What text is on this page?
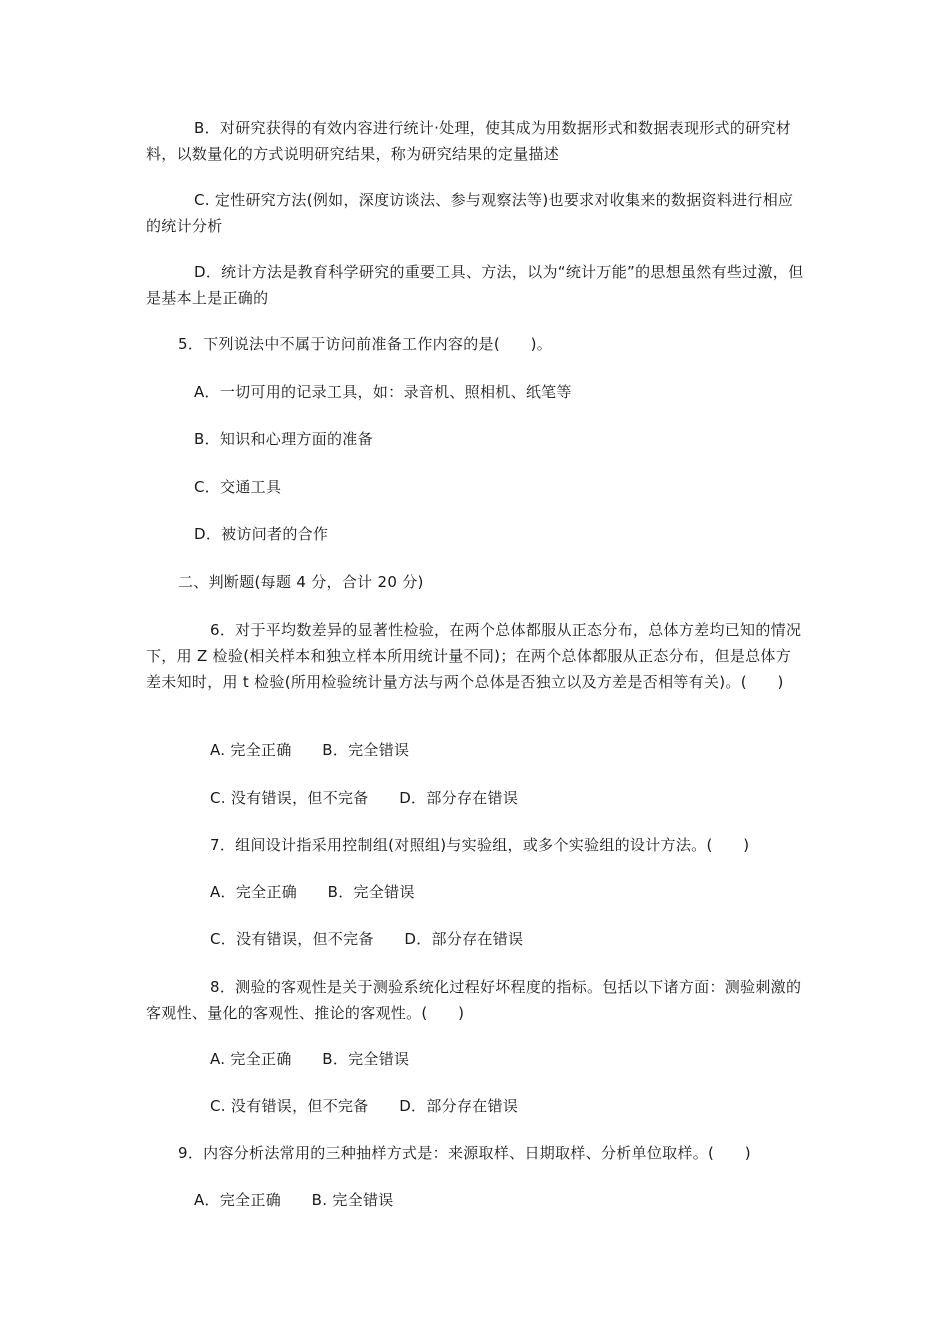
B．对研究获得的有效内容进行统计·处理，使其成为用数据形式和数据表现形式的研究材料，以数量化的方式说明研究结果，称为研究结果的定量描述
C. 定性研究方法(例如，深度访谈法、参与观察法等)也要求对收集来的数据资料进行相应的统计分析
D．统计方法是教育科学研究的重要工具、方法，以为“统计万能”的思想虽然有些过激，但是基本上是正确的
5．下列说法中不属于访问前准备工作内容的是(　　)。
A．一切可用的记录工具，如：录音机、照相机、纸笔等
B．知识和心理方面的准备
C．交通工具
D．被访问者的合作
二、判断题(每题 4 分，合计 20 分)
6．对于平均数差异的显著性检验，在两个总体都服从正态分布，总体方差均已知的情况下，用 Z 检验(相关样本和独立样本所用统计量不同)；在两个总体都服从正态分布，但是总体方差未知时，用 t 检验(所用检验统计量方法与两个总体是否独立以及方差是否相等有关)。(　　)
A. 完全正确　　B．完全错误
C. 没有错误，但不完备　　D．部分存在错误
7．组间设计指采用控制组(对照组)与实验组，或多个实验组的设计方法。(　　)
A．完全正确　　B．完全错误
C．没有错误，但不完备　　D．部分存在错误
8．测验的客观性是关于测验系统化过程好坏程度的指标。包括以下诸方面：测验刺激的客观性、量化的客观性、推论的客观性。(　　)
A. 完全正确　　B．完全错误
C. 没有错误，但不完备　　D．部分存在错误
9．内容分析法常用的三种抽样方式是：来源取样、日期取样、分析单位取样。(　　)
A．完全正确　　B. 完全错误
